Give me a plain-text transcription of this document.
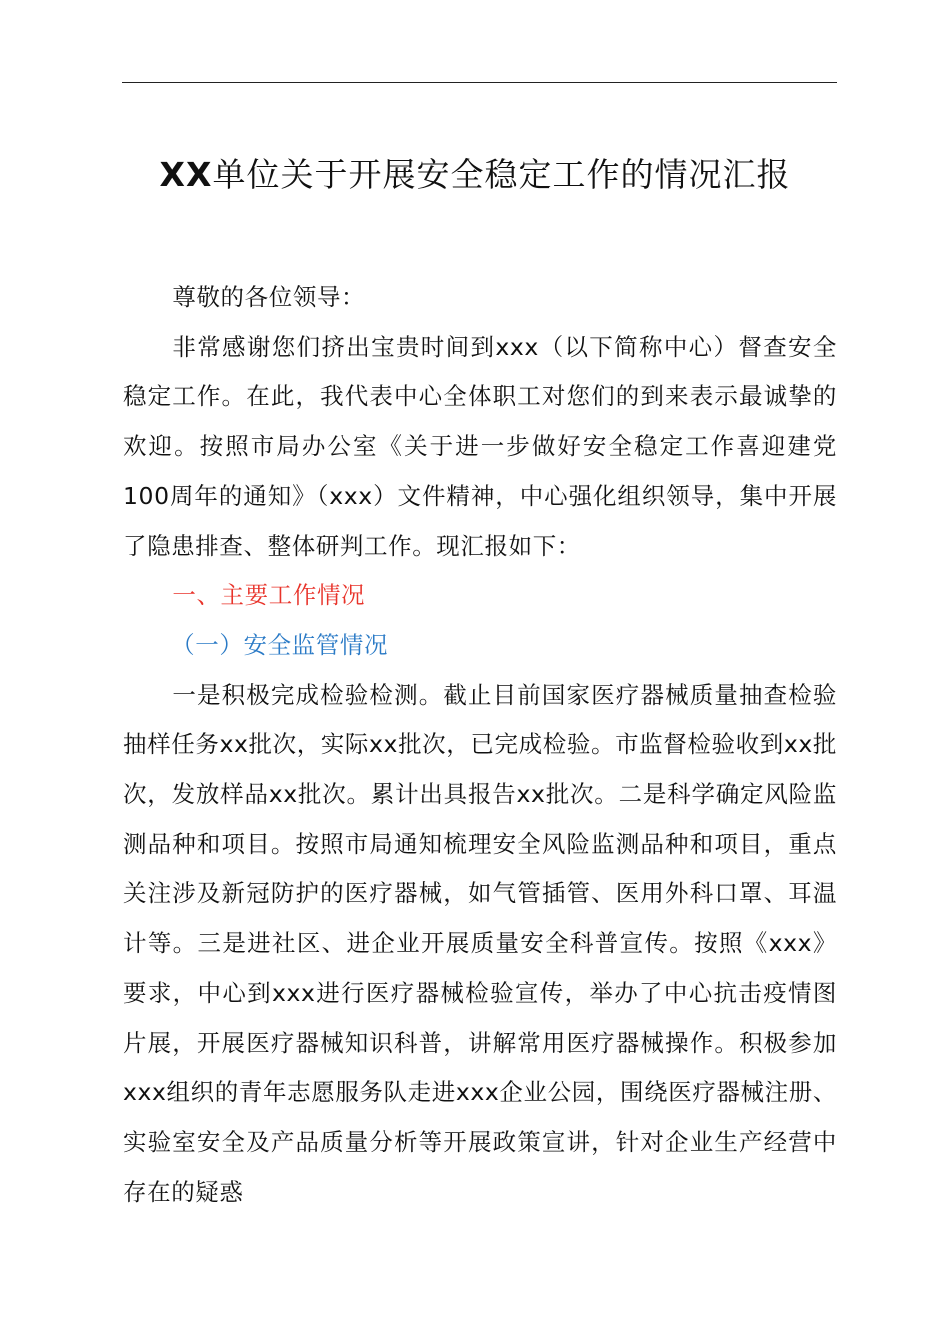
XX单位关于开展安全稳定工作的情况汇报

尊敬的各位领导：

非常感谢您们挤出宝贵时间到xxx（以下简称中心）督查安全稳定工作。在此，我代表中心全体职工对您们的到来表示最诚挚的欢迎。按照市局办公室《关于进一步做好安全稳定工作喜迎建党100周年的通知》（xxx）文件精神，中心强化组织领导，集中开展了隐患排查、整体研判工作。现汇报如下：

一、主要工作情况

（一）安全监管情况

一是积极完成检验检测。截止目前国家医疗器械质量抽查检验抽样任务xx批次，实际xx批次，已完成检验。市监督检验收到xx批次，发放样品xx批次。累计出具报告xx批次。二是科学确定风险监测品种和项目。按照市局通知梳理安全风险监测品种和项目，重点关注涉及新冠防护的医疗器械，如气管插管、医用外科口罩、耳温计等。三是进社区、进企业开展质量安全科普宣传。按照《xxx》要求，中心到xxx进行医疗器械检验宣传，举办了中心抗击疫情图片展，开展医疗器械知识科普，讲解常用医疗器械操作。积极参加xxx组织的青年志愿服务队走进xxx企业公园，围绕医疗器械注册、实验室安全及产品质量分析等开展政策宣讲，针对企业生产经营中存在的疑惑
